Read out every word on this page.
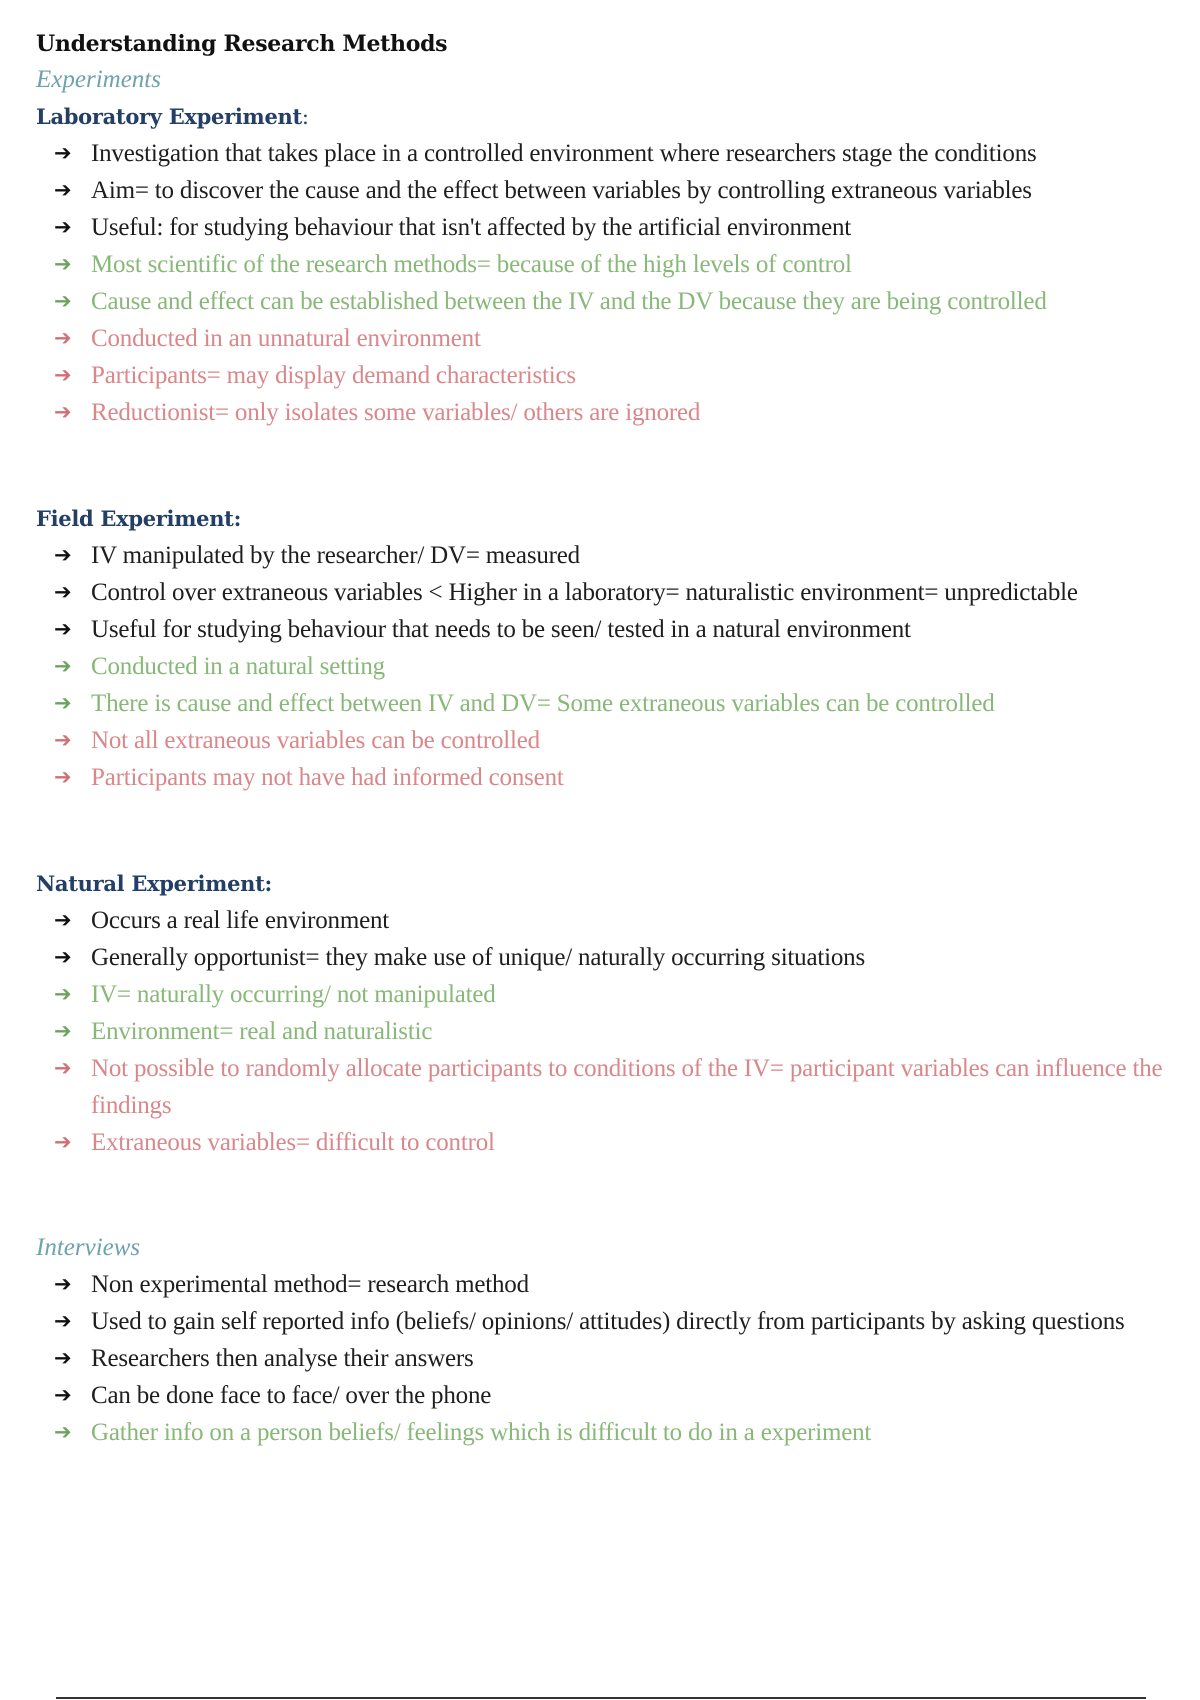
Understanding Research Methods
Experiments
Laboratory Experiment:
➔ Investigation that takes place in a controlled environment where researchers stage the conditions
➔ Aim= to discover the cause and the effect between variables by controlling extraneous variables
➔ Useful: for studying behaviour that isn't affected by the artificial environment
➔ Most scientific of the research methods= because of the high levels of control
➔ Cause and effect can be established between the IV and the DV because they are being controlled
➔ Conducted in an unnatural environment
➔ Participants= may display demand characteristics
➔ Reductionist= only isolates some variables/ others are ignored
Field Experiment:
➔ IV manipulated by the researcher/ DV= measured
➔ Control over extraneous variables < Higher in a laboratory= naturalistic environment= unpredictable
➔ Useful for studying behaviour that needs to be seen/ tested in a natural environment
➔ Conducted in a natural setting
➔ There is cause and effect between IV and DV= Some extraneous variables can be controlled
➔ Not all extraneous variables can be controlled
➔ Participants may not have had informed consent
Natural Experiment:
➔ Occurs a real life environment
➔ Generally opportunist= they make use of unique/ naturally occurring situations
➔ IV= naturally occurring/ not manipulated
➔ Environment= real and naturalistic
➔ Not possible to randomly allocate participants to conditions of the IV= participant variables can influence the findings
➔ Extraneous variables= difficult to control
Interviews
➔ Non experimental method= research method
➔ Used to gain self reported info (beliefs/ opinions/ attitudes) directly from participants by asking questions
➔ Researchers then analyse their answers
➔ Can be done face to face/ over the phone
➔ Gather info on a person beliefs/ feelings which is difficult to do in a experiment
